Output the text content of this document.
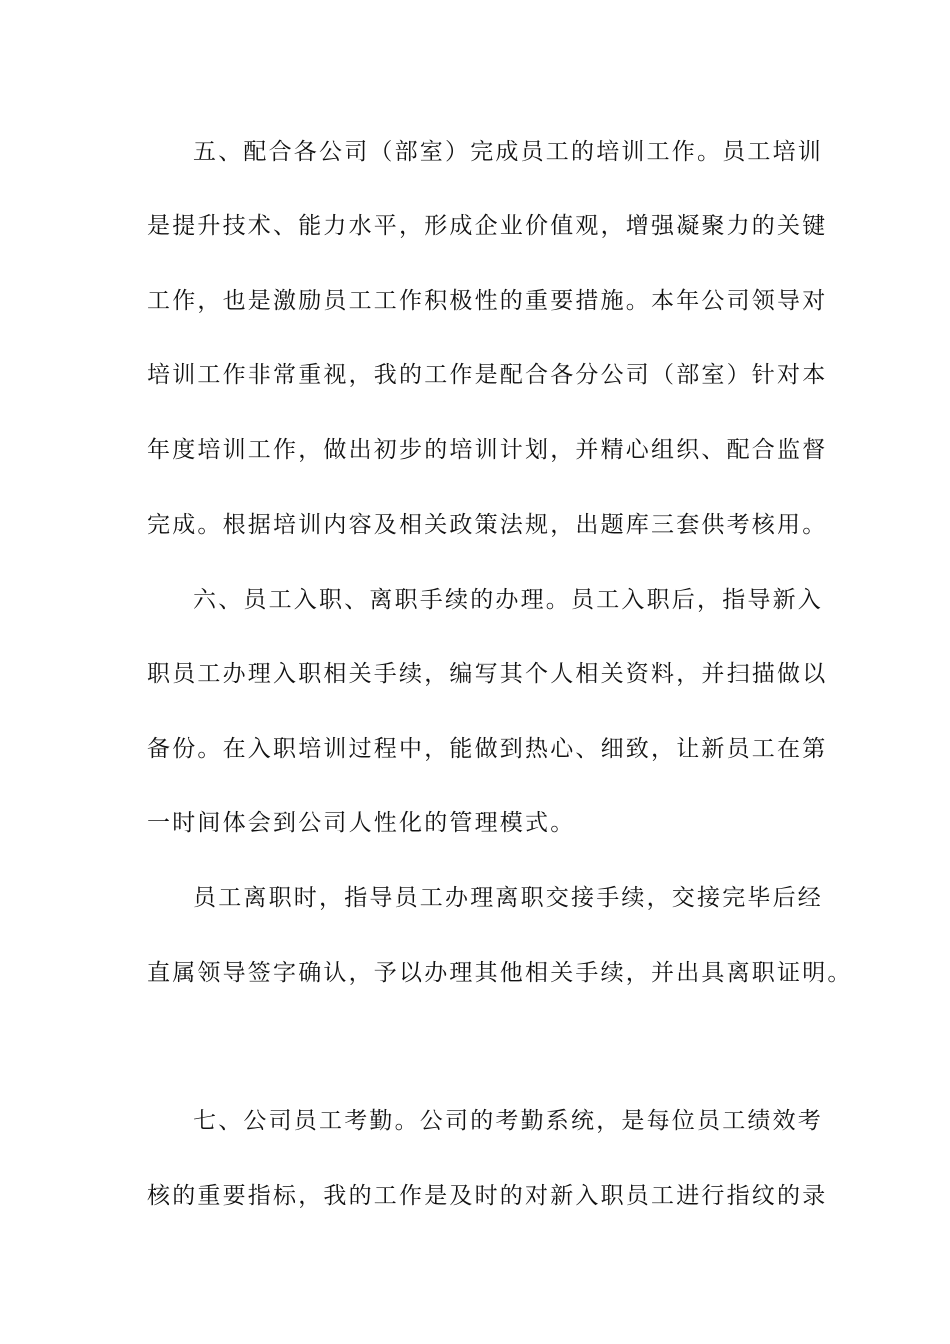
五、配合各公司（部室）完成员工的培训工作。员工培训
是提升技术、能力水平，形成企业价值观，增强凝聚力的关键
工作，也是激励员工工作积极性的重要措施。本年公司领导对
培训工作非常重视，我的工作是配合各分公司（部室）针对本
年度培训工作，做出初步的培训计划，并精心组织、配合监督
完成。根据培训内容及相关政策法规，出题库三套供考核用。
六、员工入职、离职手续的办理。员工入职后，指导新入
职员工办理入职相关手续，编写其个人相关资料，并扫描做以
备份。在入职培训过程中，能做到热心、细致，让新员工在第
一时间体会到公司人性化的管理模式。
员工离职时，指导员工办理离职交接手续，交接完毕后经
直属领导签字确认，予以办理其他相关手续，并出具离职证明。
七、公司员工考勤。公司的考勤系统，是每位员工绩效考
核的重要指标，我的工作是及时的对新入职员工进行指纹的录
